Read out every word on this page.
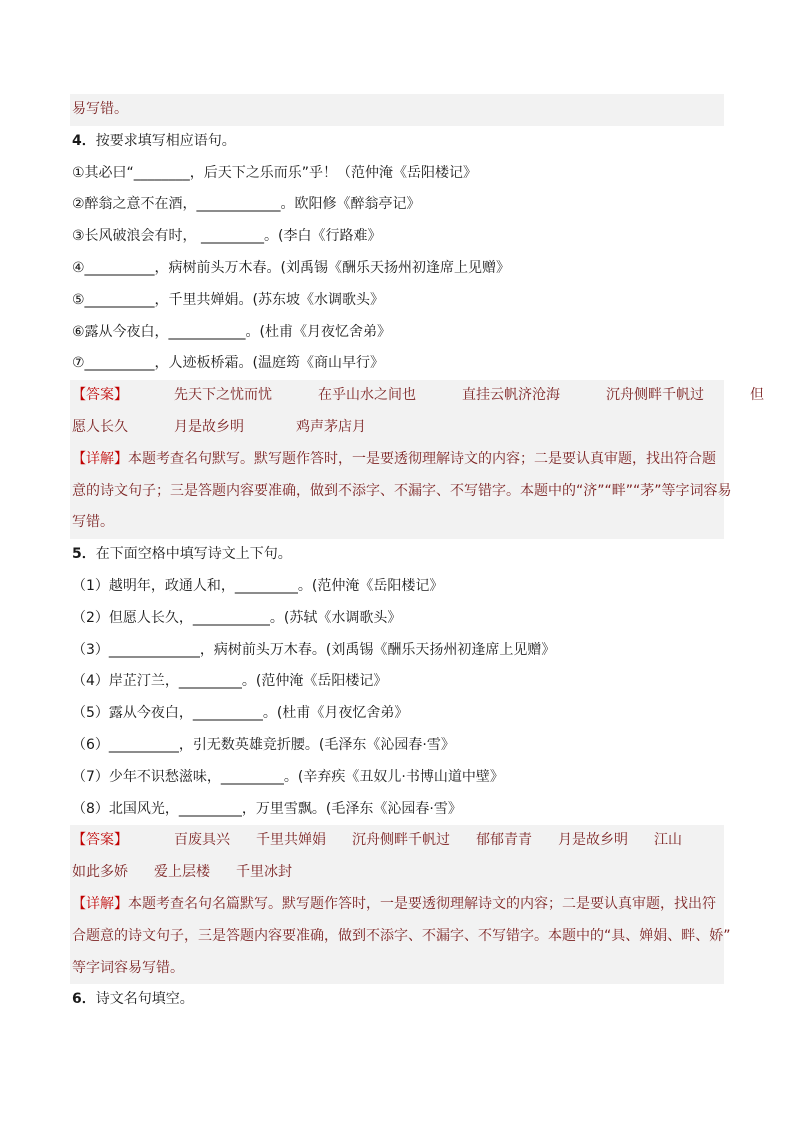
易写错。
4．按要求填写相应语句。
①其必曰“________，后天下之乐而乐”乎！（范仲淹《岳阳楼记》
②醉翁之意不在酒，____________。欧阳修《醉翁亭记》
③长风破浪会有时， _________。(李白《行路难》
④__________，病树前头万木春。(刘禹锡《酬乐天扬州初逢席上见赠》
⑤__________，千里共婵娟。(苏东坡《水调歌头》
⑥露从今夜白，___________。(杜甫《月夜忆舍弟》
⑦__________，人迹板桥霜。(温庭筠《商山早行》
【答案】	先天下之忧而忧	在乎山水之间也	直挂云帆济沧海	沉舟侧畔千帆过	但
愿人长久	月是故乡明	鸡声茅店月
【详解】本题考查名句默写。默写题作答时，一是要透彻理解诗文的内容；二是要认真审题，找出符合题
意的诗文句子；三是答题内容要准确，做到不添字、不漏字、不写错字。本题中的“济”“畔”“茅”等字词容易
写错。
5．在下面空格中填写诗文上下句。
（1）越明年，政通人和，_________。(范仲淹《岳阳楼记》
（2）但愿人长久，___________。(苏轼《水调歌头》
（3）_____________，病树前头万木春。(刘禹锡《酬乐天扬州初逢席上见赠》
（4）岸芷汀兰，_________。(范仲淹《岳阳楼记》
（5）露从今夜白，__________。(杜甫《月夜忆舍弟》
（6）__________，引无数英雄竞折腰。(毛泽东《沁园春·雪》
（7）少年不识愁滋味，_________。(辛弃疾《丑奴儿·书博山道中壁》
（8）北国风光，_________，万里雪飘。(毛泽东《沁园春·雪》
【答案】	百废具兴 千里共婵娟 沉舟侧畔千帆过 郁郁青青 月是故乡明 江山
如此多娇 爱上层楼 千里冰封
【详解】本题考查名句名篇默写。默写题作答时，一是要透彻理解诗文的内容；二是要认真审题，找出符
合题意的诗文句子，三是答题内容要准确，做到不添字、不漏字、不写错字。本题中的“具、婵娟、畔、娇”
等字词容易写错。
6．诗文名句填空。
